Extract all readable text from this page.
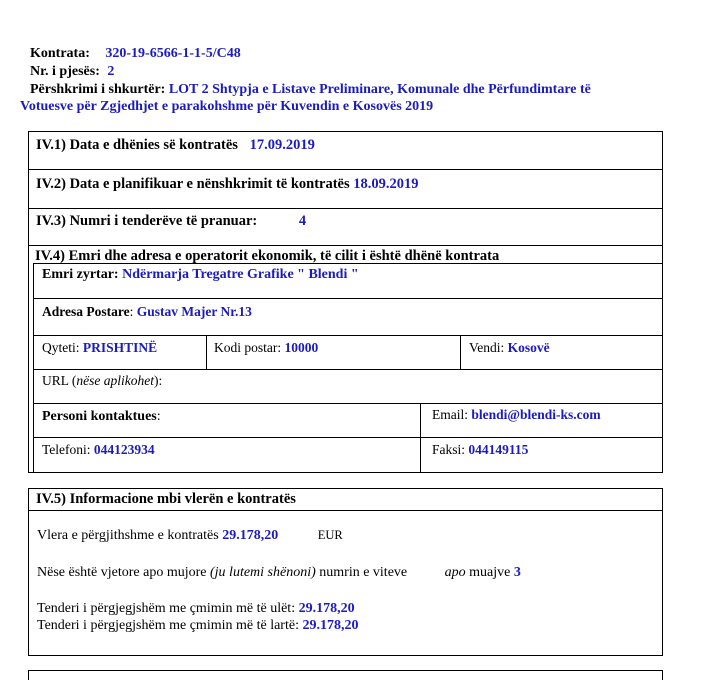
Kontrata: 320-19-6566-1-1-5/C48
Nr. i pjesës: 2
Përshkrimi i shkurtër: LOT 2 Shtypja e Listave Preliminare, Komunale dhe Përfundimtare të
Votuesve për Zgjedhjet e parakohshme për Kuvendin e Kosovës 2019
IV.1) Data e dhënies së kontratës 17.09.2019
IV.2) Data e planifikuar e nënshkrimit të kontratës 18.09.2019
IV.3) Numri i tenderëve të pranuar:	4
IV.4) Emri dhe adresa e operatorit ekonomik, të cilit i është dhënë kontrata
Emri zyrtar: Ndërmarja Tregatre Grafike " Blendi "
Adresa Postare: Gustav Majer Nr.13
Qyteti: PRISHTINË	Kodi postar: 10000	Vendi: Kosovë
URL (nëse aplikohet):
Personi kontaktues:	Email: blendi@blendi-ks.com
Telefoni: 044123934	Faksi: 044149115
IV.5) Informacione mbi vlerën e kontratës
Vlera e përgjithshme e kontratës 29.178,20	EUR
Nëse është vjetore apo mujore (ju lutemi shënoni) numrin e viteve	apo muajve 3
Tenderi i përgjegjshëm me çmimin më të ulët: 29.178,20
Tenderi i përgjegjshëm me çmimin më të lartë: 29.178,20
